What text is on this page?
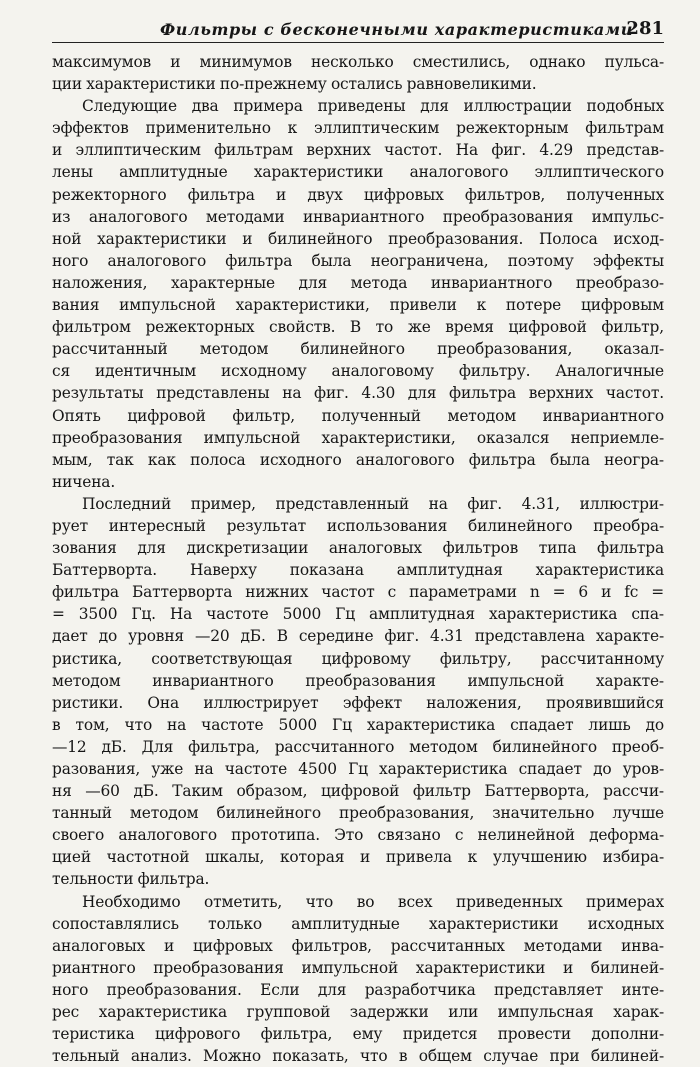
Фильтры с бесконечными характеристиками
281
максимумов и минимумов несколько сместились, однако пульса-
ции характеристики по-прежнему остались равновеликими.
Следующие два примера приведены для иллюстрации подобных
эффектов применительно к эллиптическим режекторным фильтрам
и эллиптическим фильтрам верхних частот. На фиг. 4.29 представ-
лены амплитудные характеристики аналогового эллиптического
режекторного фильтра и двух цифровых фильтров, полученных
из аналогового методами инвариантного преобразования импульс-
ной характеристики и билинейного преобразования. Полоса исход-
ного аналогового фильтра была неограничена, поэтому эффекты
наложения, характерные для метода инвариантного преобразо-
вания импульсной характеристики, привели к потере цифровым
фильтром режекторных свойств. В то же время цифровой фильтр,
рассчитанный методом билинейного преобразования, оказал-
ся идентичным исходному аналоговому фильтру. Аналогичные
результаты представлены на фиг. 4.30 для фильтра верхних частот.
Опять цифровой фильтр, полученный методом инвариантного
преобразования импульсной характеристики, оказался неприемле-
мым, так как полоса исходного аналогового фильтра была неогра-
ничена.
Последний пример, представленный на фиг. 4.31, иллюстри-
рует интересный результат использования билинейного преобра-
зования для дискретизации аналоговых фильтров типа фильтра
Баттерворта. Наверху показана амплитудная характеристика
фильтра Баттерворта нижних частот с параметрами n = 6 и fc =
= 3500 Гц. На частоте 5000 Гц амплитудная характеристика спа-
дает до уровня —20 дБ. В середине фиг. 4.31 представлена характе-
ристика, соответствующая цифровому фильтру, рассчитанному
методом инвариантного преобразования импульсной характе-
ристики. Она иллюстрирует эффект наложения, проявившийся
в том, что на частоте 5000 Гц характеристика спадает лишь до
—12 дБ. Для фильтра, рассчитанного методом билинейного преоб-
разования, уже на частоте 4500 Гц характеристика спадает до уров-
ня —60 дБ. Таким образом, цифровой фильтр Баттерворта, рассчи-
танный методом билинейного преобразования, значительно лучше
своего аналогового прототипа. Это связано с нелинейной деформа-
цией частотной шкалы, которая и привела к улучшению избира-
тельности фильтра.
Необходимо отметить, что во всех приведенных примерах
сопоставлялись только амплитудные характеристики исходных
аналоговых и цифровых фильтров, рассчитанных методами инва-
риантного преобразования импульсной характеристики и билиней-
ного преобразования. Если для разработчика представляет инте-
рес характеристика групповой задержки или импульсная харак-
теристика цифрового фильтра, ему придется провести дополни-
тельный анализ. Можно показать, что в общем случае при билиней-
